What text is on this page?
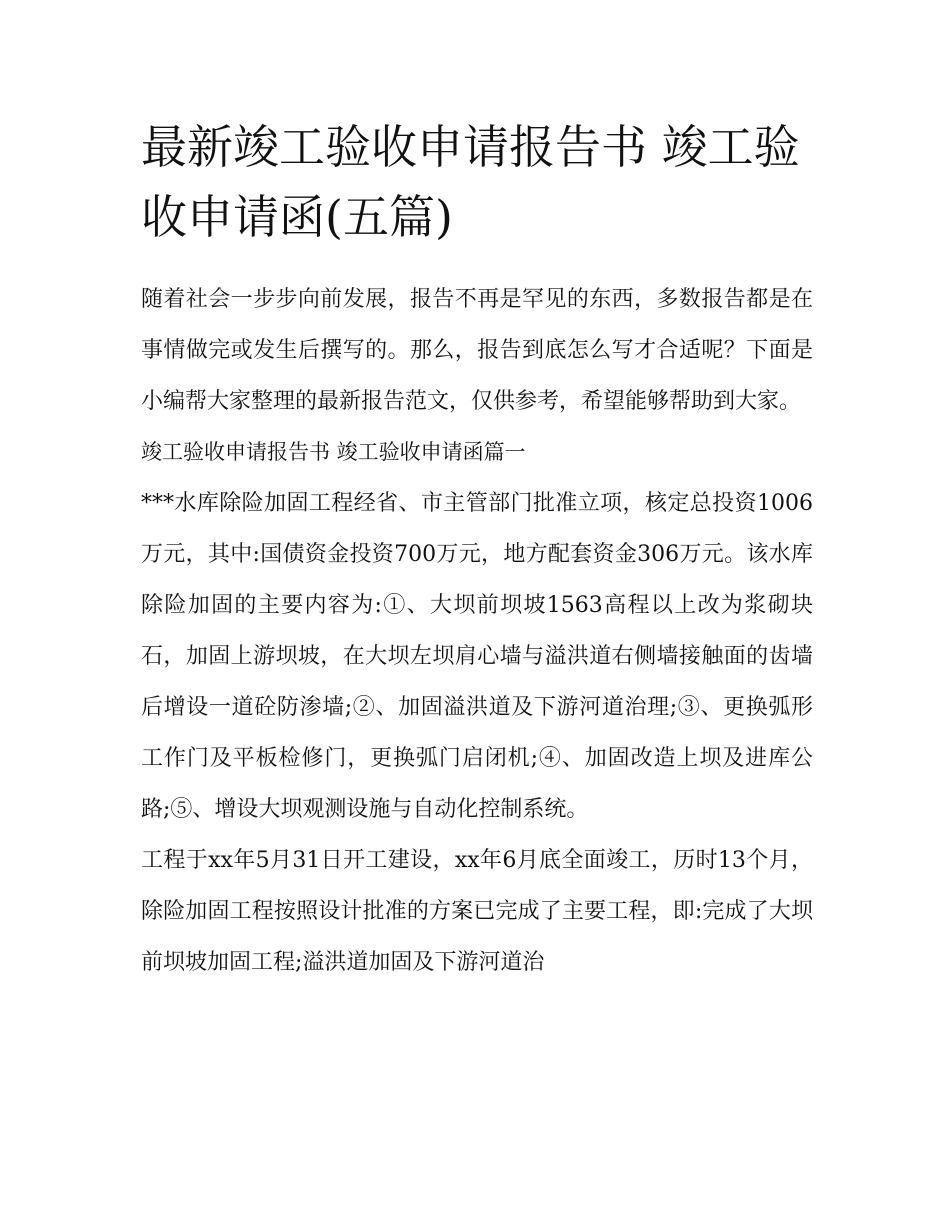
最新竣工验收申请报告书 竣工验收申请函(五篇)

随着社会一步步向前发展，报告不再是罕见的东西，多数报告都是在事情做完或发生后撰写的。那么，报告到底怎么写才合适呢？下面是小编帮大家整理的最新报告范文，仅供参考，希望能够帮助到大家。

竣工验收申请报告书 竣工验收申请函篇一

***水库除险加固工程经省、市主管部门批准立项，核定总投资1006万元，其中:国债资金投资700万元，地方配套资金306万元。该水库除险加固的主要内容为:①、大坝前坝坡1563高程以上改为浆砌块石，加固上游坝坡，在大坝左坝肩心墙与溢洪道右侧墙接触面的齿墙后增设一道砼防渗墙;②、加固溢洪道及下游河道治理;③、更换弧形工作门及平板检修门，更换弧门启闭机;④、加固改造上坝及进库公路;⑤、增设大坝观测设施与自动化控制系统。

工程于xx年5月31日开工建设，xx年6月底全面竣工，历时13个月，除险加固工程按照设计批准的方案已完成了主要工程，即:完成了大坝前坝坡加固工程;溢洪道加固及下游河道治
